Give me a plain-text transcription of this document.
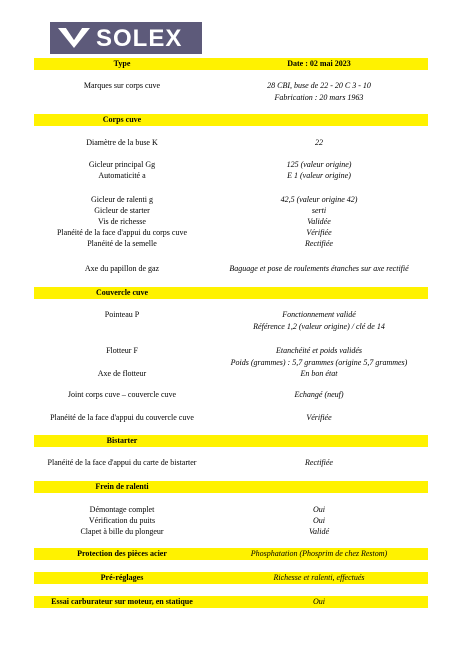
SOLEX
Type	Date : 02 mai 2023
Marques sur corps cuve	28 CBI, buse de 22 - 20 C 3 - 10
Fabrication : 20 mars 1963
Corps cuve
Diamètre de la buse K	22
Gicleur principal Gg	125 (valeur origine)
Automaticité a	E 1 (valeur origine)
Gicleur de ralenti g	42,5 (valeur origine 42)
Gicleur de starter	serti
Vis de richesse	Validée
Planéité de la face d'appui du corps cuve	Vérifiée
Planéité de la semelle	Rectifiée
Axe du papillon de gaz	Baguage et pose de roulements étanches sur axe rectifié
Couvercle cuve
Pointeau P	Fonctionnement validé
Référence 1,2 (valeur origine) / clé de 14
Flotteur F	Etanchéité et poids validés
Poids (grammes) : 5,7 grammes (origine 5,7 grammes)
Axe de flotteur	En bon état
Joint corps cuve – couvercle cuve	Echangé (neuf)
Planéité de la face d'appui du couvercle cuve	Vérifiée
Bistarter
Planéité de la face d'appui du carte de bistarter	Rectifiée
Frein de ralenti
Démontage complet	Oui
Vérification du puits	Oui
Clapet à bille du plongeur	Validé
Protection des pièces acier	Phosphatation (Phosprim de chez Restom)
Pré-réglages	Richesse et ralenti, effectués
Essai carburateur sur moteur, en statique	Oui
